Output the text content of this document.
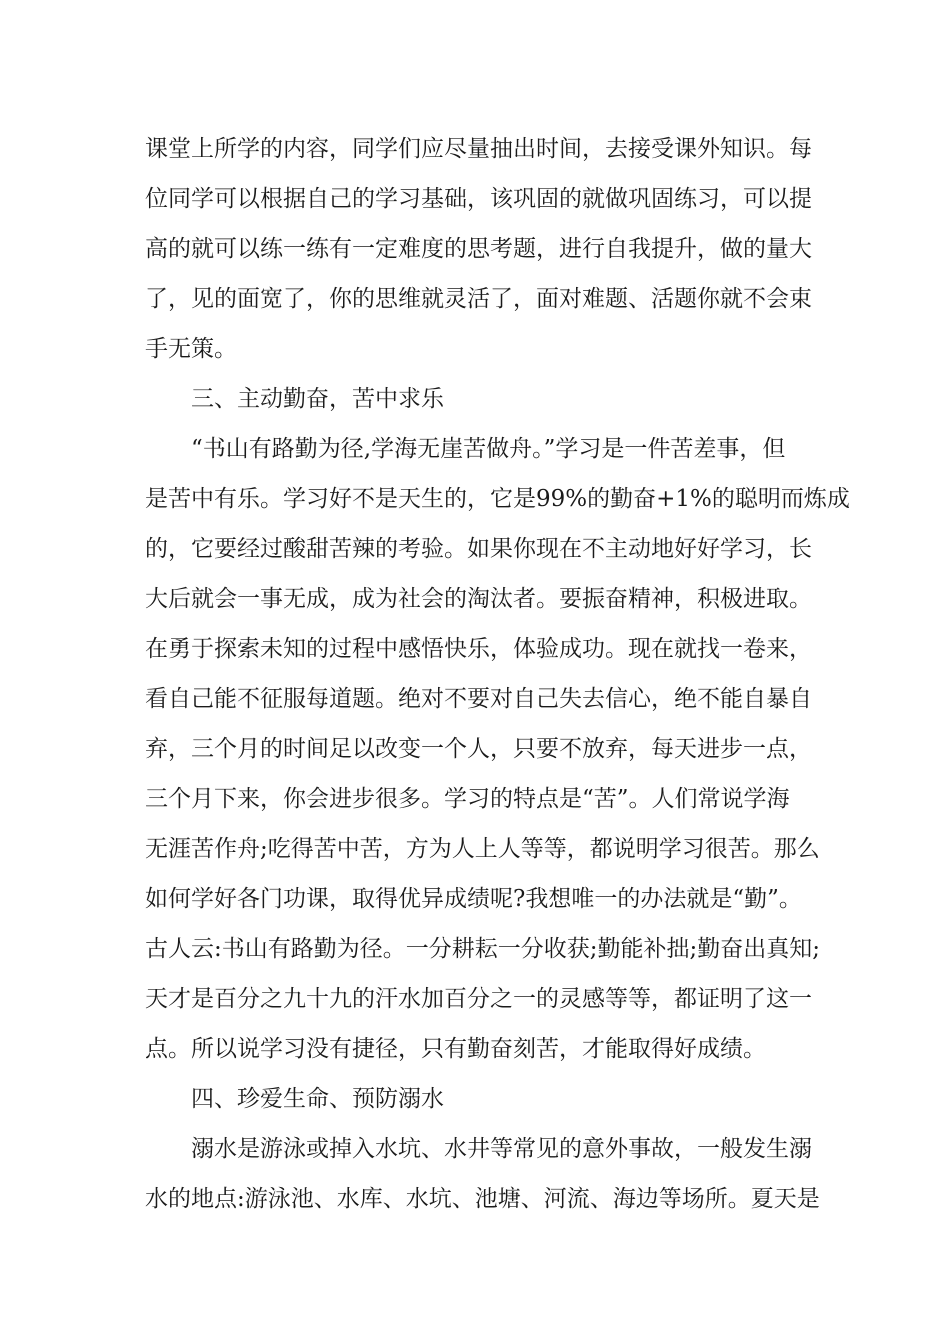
课堂上所学的内容，同学们应尽量抽出时间，去接受课外知识。每
位同学可以根据自己的学习基础，该巩固的就做巩固练习，可以提
高的就可以练一练有一定难度的思考题，进行自我提升，做的量大
了，见的面宽了，你的思维就灵活了，面对难题、活题你就不会束
手无策。
三、主动勤奋，苦中求乐
“书山有路勤为径,学海无崖苦做舟。”学习是一件苦差事，但
是苦中有乐。学习好不是天生的，它是99%的勤奋+1%的聪明而炼成
的，它要经过酸甜苦辣的考验。如果你现在不主动地好好学习，长
大后就会一事无成，成为社会的淘汰者。要振奋精神，积极进取。
在勇于探索未知的过程中感悟快乐，体验成功。现在就找一卷来，
看自己能不征服每道题。绝对不要对自己失去信心，绝不能自暴自
弃，三个月的时间足以改变一个人，只要不放弃，每天进步一点，
三个月下来，你会进步很多。学习的特点是“苦”。人们常说学海
无涯苦作舟;吃得苦中苦，方为人上人等等，都说明学习很苦。那么
如何学好各门功课，取得优异成绩呢?我想唯一的办法就是“勤”。
古人云:书山有路勤为径。一分耕耘一分收获;勤能补拙;勤奋出真知;
天才是百分之九十九的汗水加百分之一的灵感等等，都证明了这一
点。所以说学习没有捷径，只有勤奋刻苦，才能取得好成绩。
四、珍爱生命、预防溺水
溺水是游泳或掉入水坑、水井等常见的意外事故，一般发生溺
水的地点:游泳池、水库、水坑、池塘、河流、海边等场所。夏天是
